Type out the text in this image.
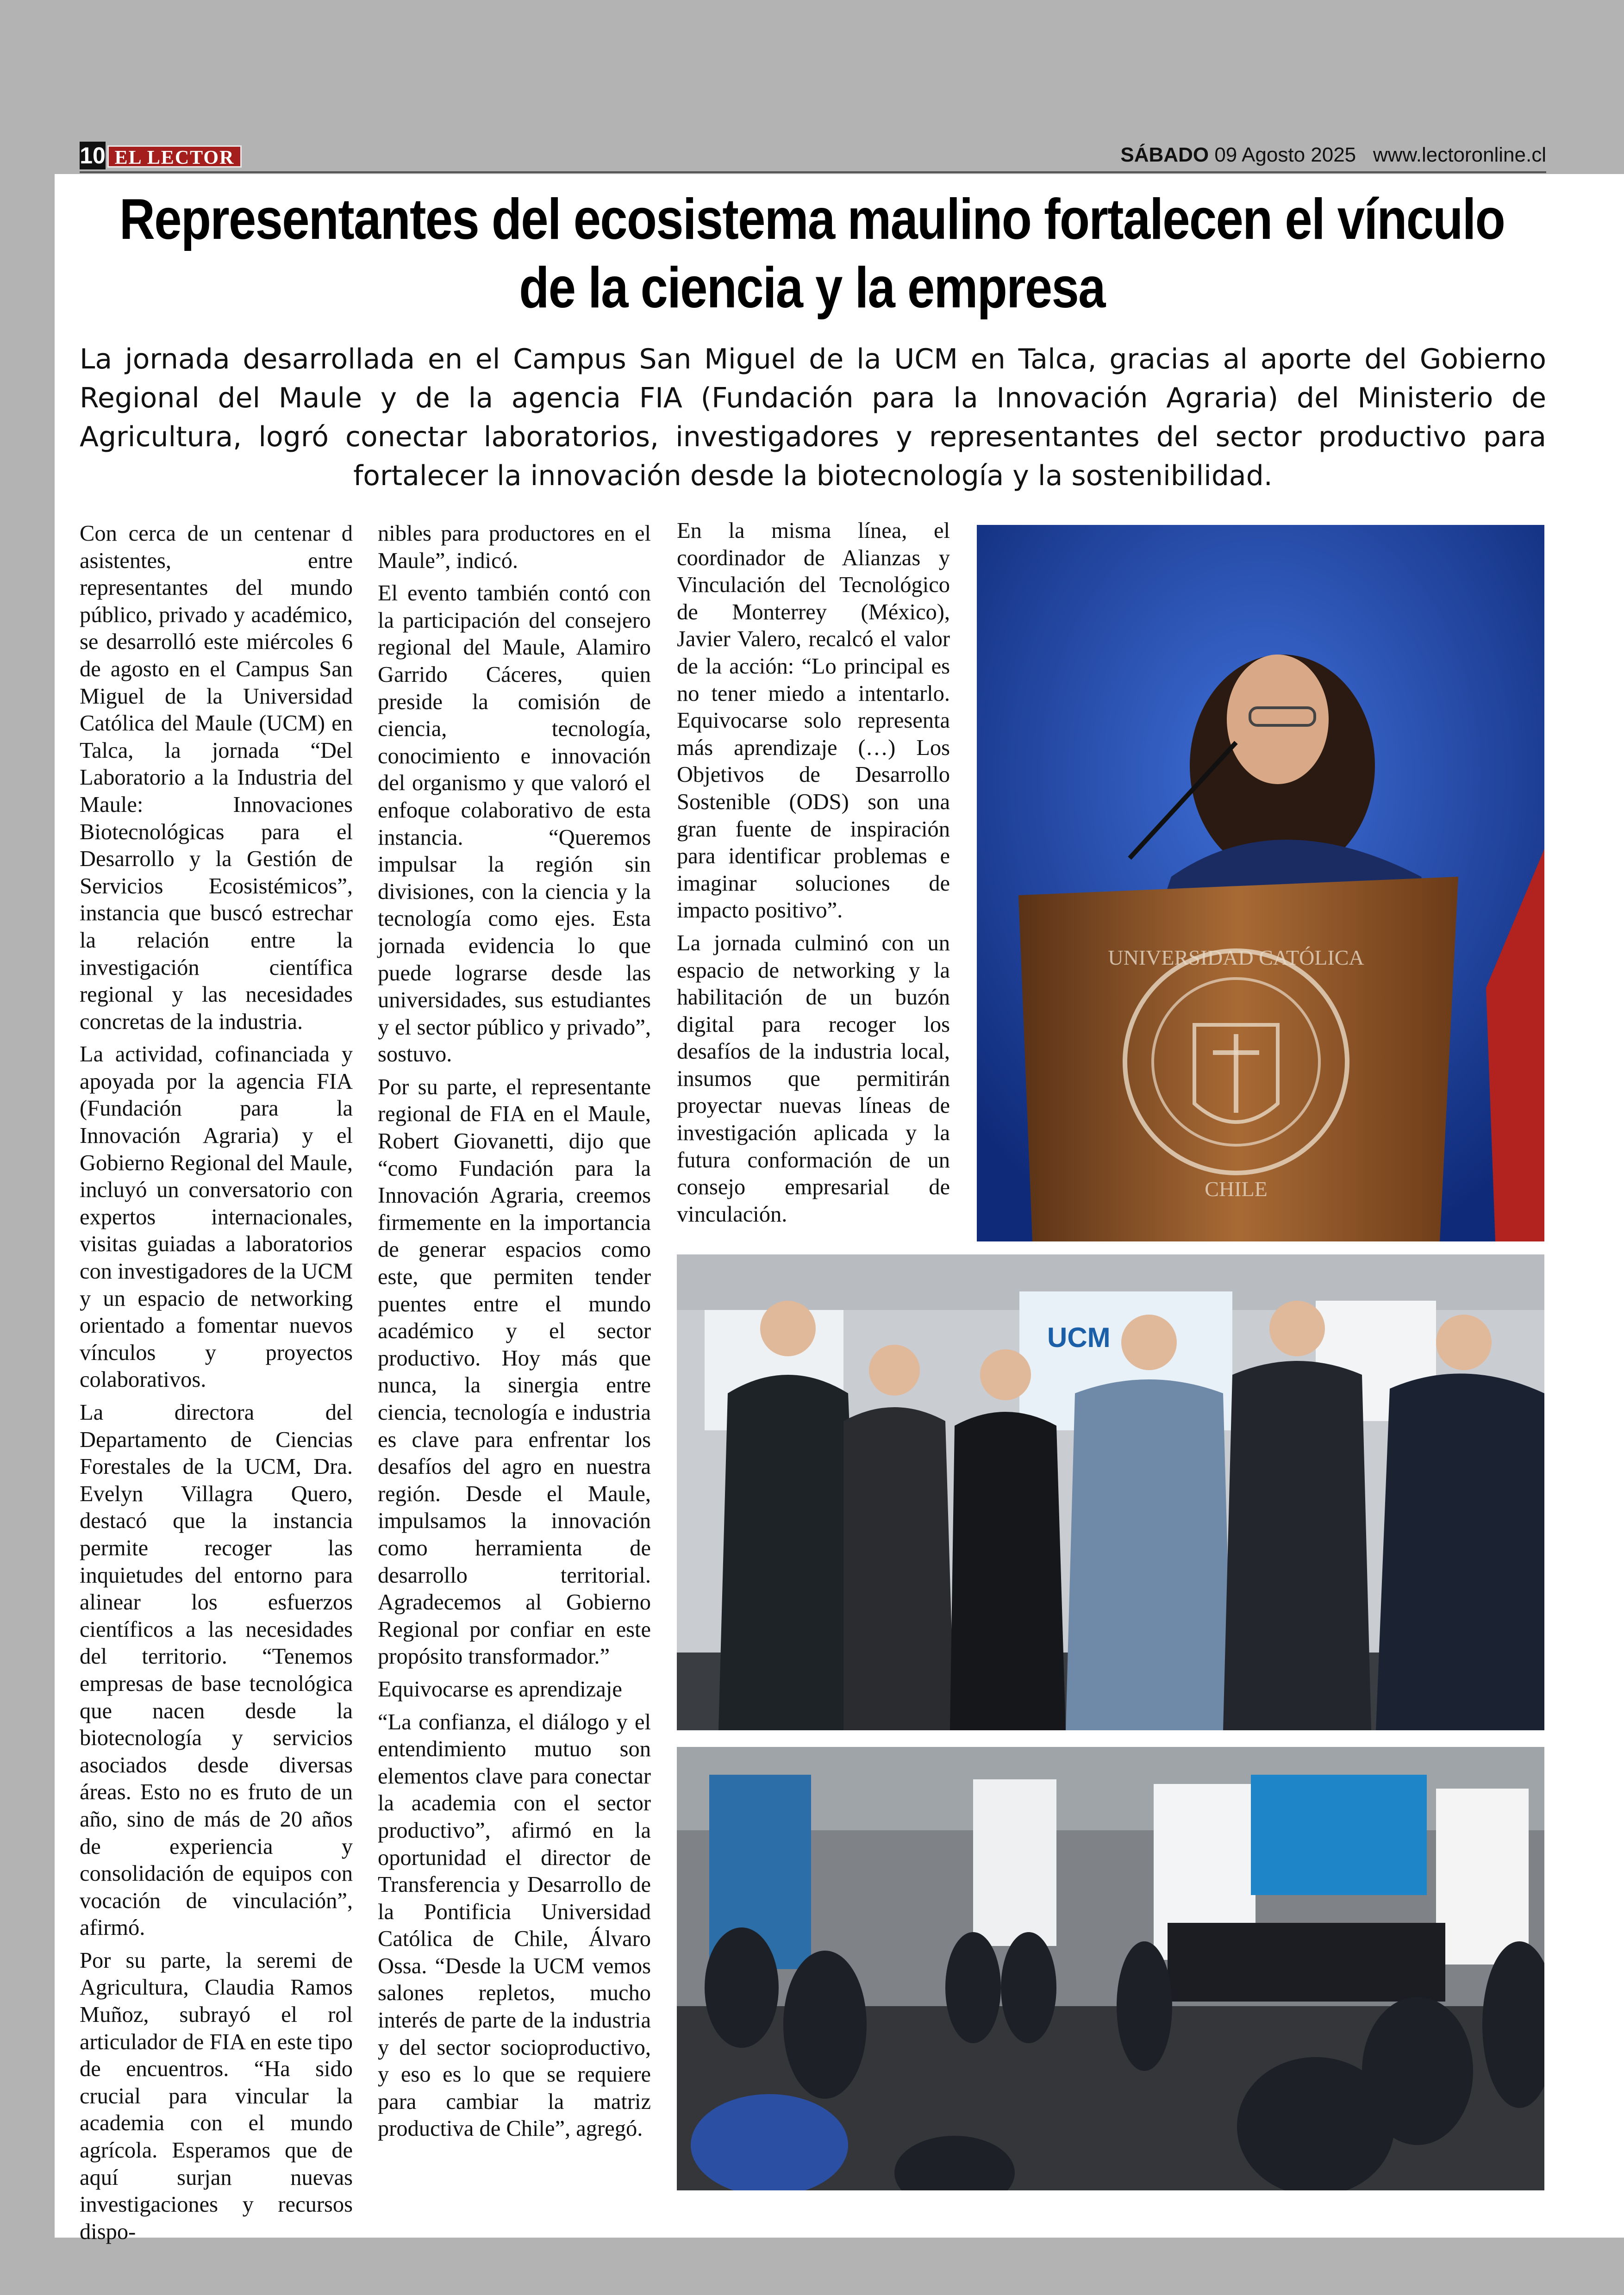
10 EL LECTOR	SÁBADO 09 Agosto 2025 www.lectoronline.cl
Representantes del ecosistema maulino fortalecen el vínculo de la ciencia y la empresa
La jornada desarrollada en el Campus San Miguel de la UCM en Talca, gracias al aporte del Gobierno Regional del Maule y de la agencia FIA (Fundación para la Innovación Agraria) del Ministerio de Agricultura, logró conectar laboratorios, investigadores y representantes del sector productivo para fortalecer la innovación desde la biotecnología y la sostenibilidad.

Con cerca de un centenar d asistentes, entre representantes del mundo público, privado y académico, se desarrolló este miércoles 6 de agosto en el Campus San Miguel de la Universidad Católica del Maule (UCM) en Talca, la jornada “Del Laboratorio a la Industria del Maule: Innovaciones Biotecnológicas para el Desarrollo y la Gestión de Servicios Ecosistémicos”, instancia que buscó estrechar la relación entre la investigación científica regional y las necesidades concretas de la industria.

La actividad, cofinanciada y apoyada por la agencia FIA (Fundación para la Innovación Agraria) y el Gobierno Regional del Maule, incluyó un conversatorio con expertos internacionales, visitas guiadas a laboratorios con investigadores de la UCM y un espacio de networking orientado a fomentar nuevos vínculos y proyectos colaborativos.

La directora del Departamento de Ciencias Forestales de la UCM, Dra. Evelyn Villagra Quero, destacó que la instancia permite recoger las inquietudes del entorno para alinear los esfuerzos científicos a las necesidades del territorio. “Tenemos empresas de base tecnológica que nacen desde la biotecnología y servicios asociados desde diversas áreas. Esto no es fruto de un año, sino de más de 20 años de experiencia y consolidación de equipos con vocación de vinculación”, afirmó.

Por su parte, la seremi de Agricultura, Claudia Ramos Muñoz, subrayó el rol articulador de FIA en este tipo de encuentros. “Ha sido crucial para vincular la academia con el mundo agrícola. Esperamos que de aquí surjan nuevas investigaciones y recursos dispo-

nibles para productores en el Maule”, indicó.

El evento también contó con la participación del consejero regional del Maule, Alamiro Garrido Cáceres, quien preside la comisión de ciencia, tecnología, conocimiento e innovación del organismo y que valoró el enfoque colaborativo de esta instancia. “Queremos impulsar la región sin divisiones, con la ciencia y la tecnología como ejes. Esta jornada evidencia lo que puede lograrse desde las universidades, sus estudiantes y el sector público y privado”, sostuvo.

Por su parte, el representante regional de FIA en el Maule, Robert Giovanetti, dijo que “como Fundación para la Innovación Agraria, creemos firmemente en la importancia de generar espacios como este, que permiten tender puentes entre el mundo académico y el sector productivo. Hoy más que nunca, la sinergia entre ciencia, tecnología e industria es clave para enfrentar los desafíos del agro en nuestra región. Desde el Maule, impulsamos la innovación como herramienta de desarrollo territorial. Agradecemos al Gobierno Regional por confiar en este propósito transformador.”

Equivocarse es aprendizaje

“La confianza, el diálogo y el entendimiento mutuo son elementos clave para conectar la academia con el sector productivo”, afirmó en la oportunidad el director de Transferencia y Desarrollo de la Pontificia Universidad Católica de Chile, Álvaro Ossa. “Desde la UCM vemos salones repletos, mucho interés de parte de la industria y del sector socioproductivo, y eso es lo que se requiere para cambiar la matriz productiva de Chile”, agregó.

En la misma línea, el coordinador de Alianzas y Vinculación del Tecnológico de Monterrey (México), Javier Valero, recalcó el valor de la acción: “Lo principal es no tener miedo a intentarlo. Equivocarse solo representa más aprendizaje (…) Los Objetivos de Desarrollo Sostenible (ODS) son una gran fuente de inspiración para identificar problemas e imaginar soluciones de impacto positivo”.

La jornada culminó con un espacio de networking y la habilitación de un buzón digital para recoger los desafíos de la industria local, insumos que permitirán proyectar nuevas líneas de investigación aplicada y la futura conformación de un consejo empresarial de vinculación.

UNIVERSIDAD CATÓLICA
CHILE
UCM
